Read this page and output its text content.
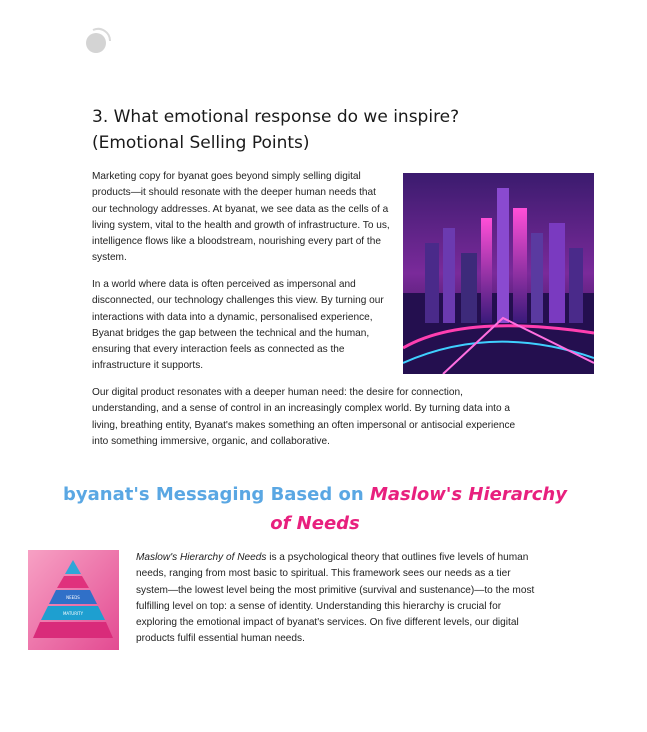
3. What emotional response do we inspire? (Emotional Selling Points)

Marketing copy for byanat goes beyond simply selling digital products—it should resonate with the deeper human needs that our technology addresses. At byanat, we see data as the cells of a living system, vital to the health and growth of infrastructure. To us, intelligence flows like a bloodstream, nourishing every part of the system.

In a world where data is often perceived as impersonal and disconnected, our technology challenges this view. By turning our interactions with data into a dynamic, personalised experience, Byanat bridges the gap between the technical and the human, ensuring that every interaction feels as connected as the infrastructure it supports.

Our digital product resonates with a deeper human need: the desire for connection, understanding, and a sense of control in an increasingly complex world. By turning data into a living, breathing entity, Byanat's makes something an often impersonal or antisocial experience into something immersive, organic, and collaborative.

byanat's Messaging Based on Maslow's Hierarchy of Needs
NEEDS
MATURITY

Maslow's Hierarchy of Needs is a psychological theory that outlines five levels of human needs, ranging from most basic to spiritual. This framework sees our needs as a tier system—the lowest level being the most primitive (survival and sustenance)—to the most fulfilling level on top: a sense of identity. Understanding this hierarchy is crucial for exploring the emotional impact of byanat's services. On five different levels, our digital products fulfil essential human needs.
